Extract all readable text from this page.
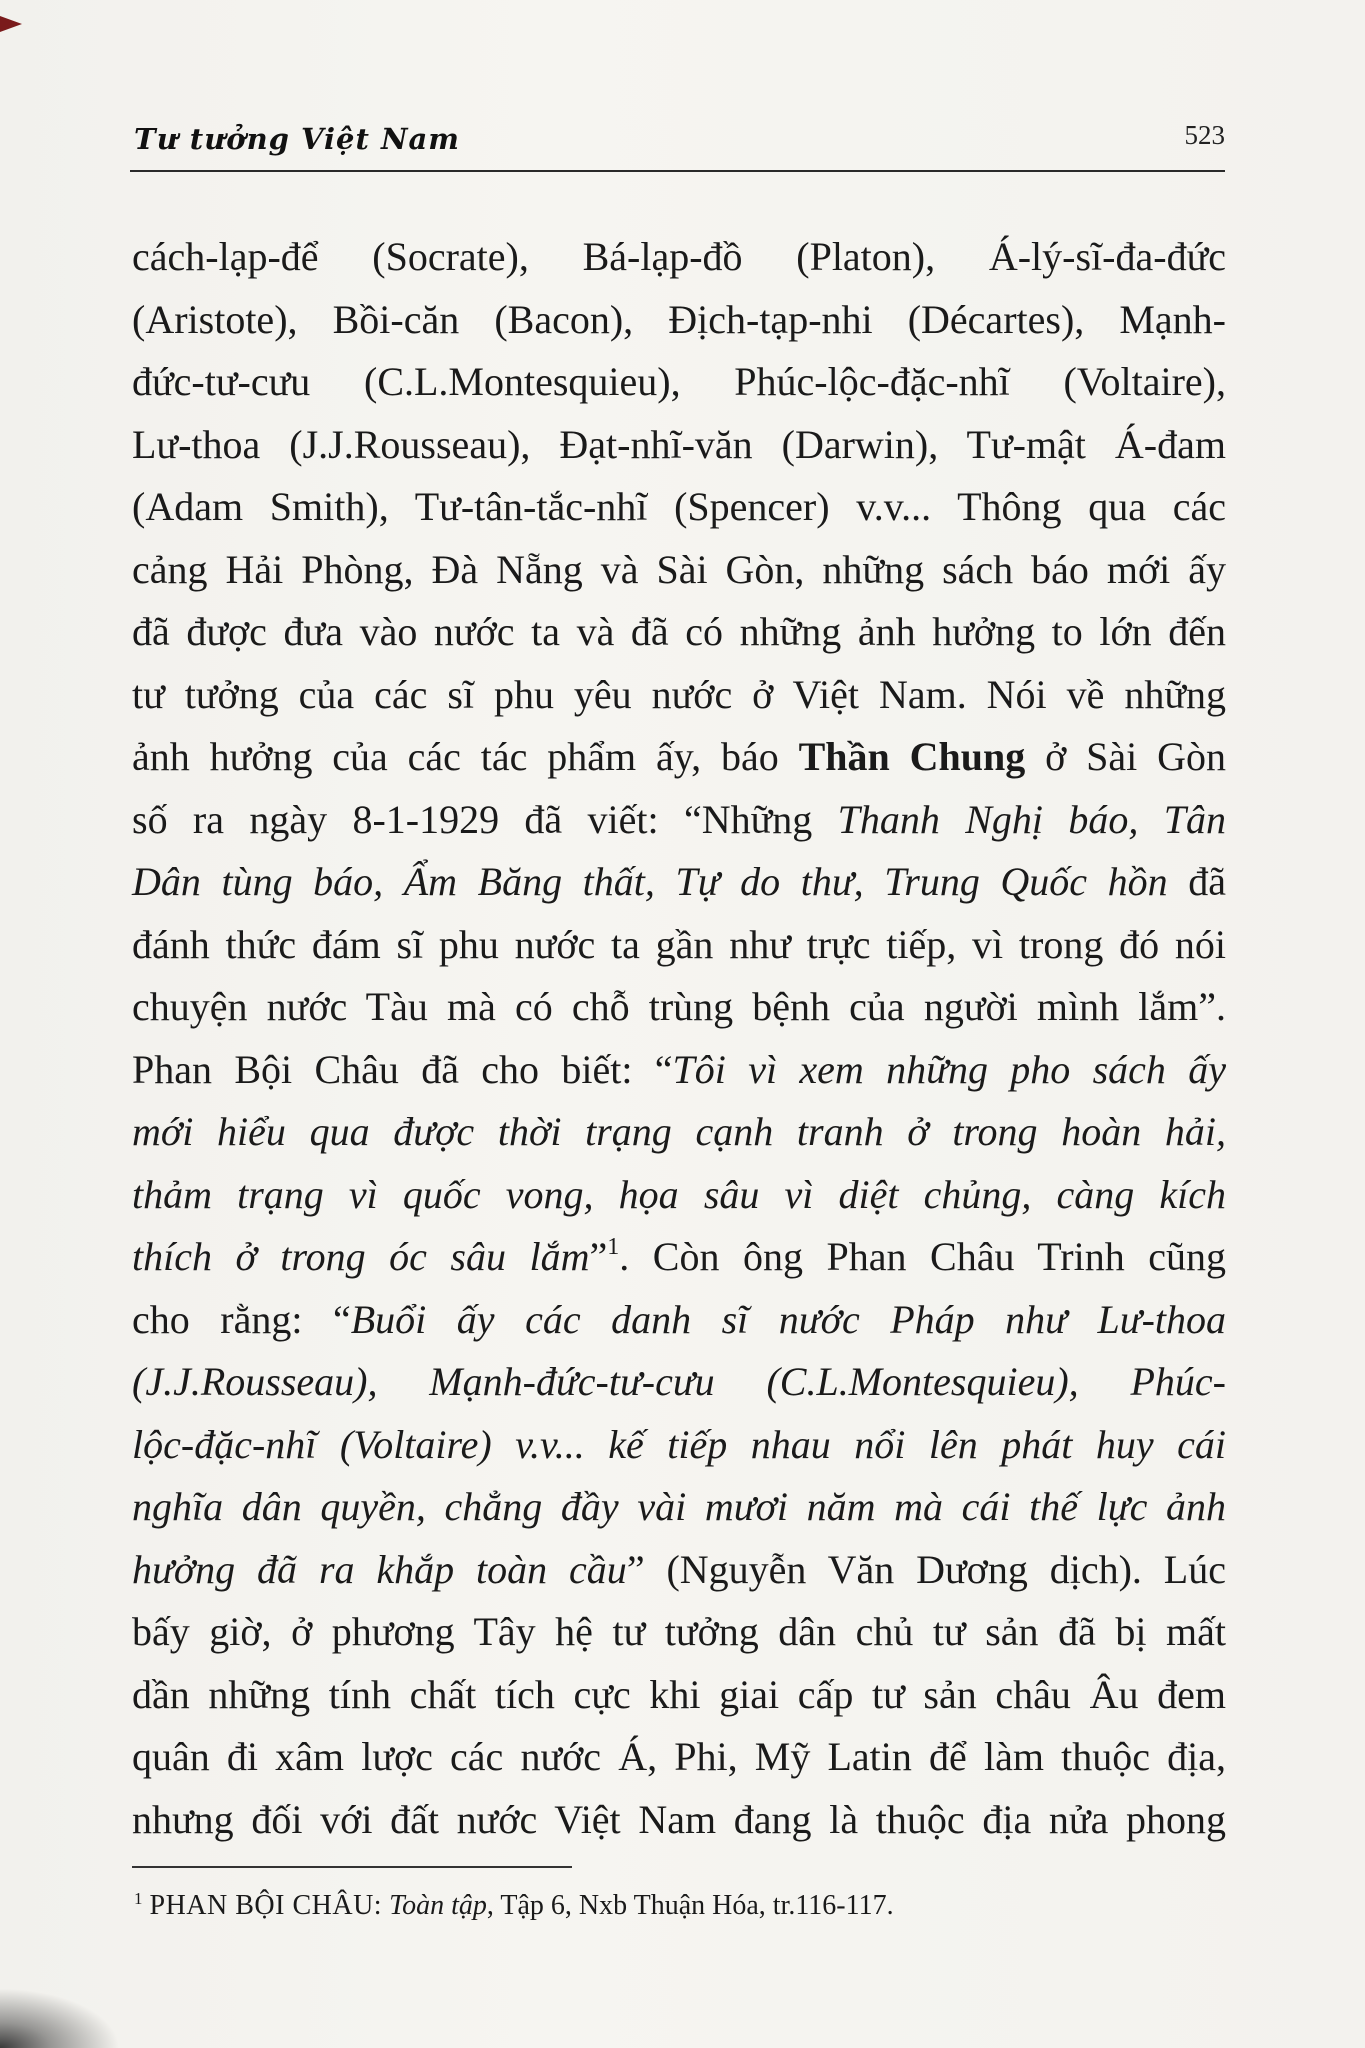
Tư tưởng Việt Nam	523
cách-lạp-để (Socrate), Bá-lạp-đồ (Platon), Á-lý-sĩ-đa-đức
(Aristote), Bồi-căn (Bacon), Địch-tạp-nhi (Décartes), Mạnh-
đức-tư-cưu (C.L.Montesquieu), Phúc-lộc-đặc-nhĩ (Voltaire),
Lư-thoa (J.J.Rousseau), Đạt-nhĩ-văn (Darwin), Tư-mật Á-đam
(Adam Smith), Tư-tân-tắc-nhĩ (Spencer) v.v... Thông qua các
cảng Hải Phòng, Đà Nẵng và Sài Gòn, những sách báo mới ấy
đã được đưa vào nước ta và đã có những ảnh hưởng to lớn đến
tư tưởng của các sĩ phu yêu nước ở Việt Nam. Nói về những
ảnh hưởng của các tác phẩm ấy, báo Thần Chung ở Sài Gòn
số ra ngày 8-1-1929 đã viết: “Những Thanh Nghị báo, Tân
Dân tùng báo, Ẩm Băng thất, Tự do thư, Trung Quốc hồn đã
đánh thức đám sĩ phu nước ta gần như trực tiếp, vì trong đó nói
chuyện nước Tàu mà có chỗ trùng bệnh của người mình lắm”.
Phan Bội Châu đã cho biết: “Tôi vì xem những pho sách ấy
mới hiểu qua được thời trạng cạnh tranh ở trong hoàn hải,
thảm trạng vì quốc vong, họa sâu vì diệt chủng, càng kích
thích ở trong óc sâu lắm”$^1$. Còn ông Phan Châu Trinh cũng
cho rằng: “Buổi ấy các danh sĩ nước Pháp như Lư-thoa
(J.J.Rousseau), Mạnh-đức-tư-cưu (C.L.Montesquieu), Phúc-
lộc-đặc-nhĩ (Voltaire) v.v... kế tiếp nhau nổi lên phát huy cái
nghĩa dân quyền, chẳng đầy vài mươi năm mà cái thế lực ảnh
hưởng đã ra khắp toàn cầu” (Nguyễn Văn Dương dịch). Lúc
bấy giờ, ở phương Tây hệ tư tưởng dân chủ tư sản đã bị mất
dần những tính chất tích cực khi giai cấp tư sản châu Âu đem
quân đi xâm lược các nước Á, Phi, Mỹ Latin để làm thuộc địa,
nhưng đối với đất nước Việt Nam đang là thuộc địa nửa phong
$^1$ PHAN BỘI CHÂU: Toàn tập, Tập 6, Nxb Thuận Hóa, tr.116-117.
